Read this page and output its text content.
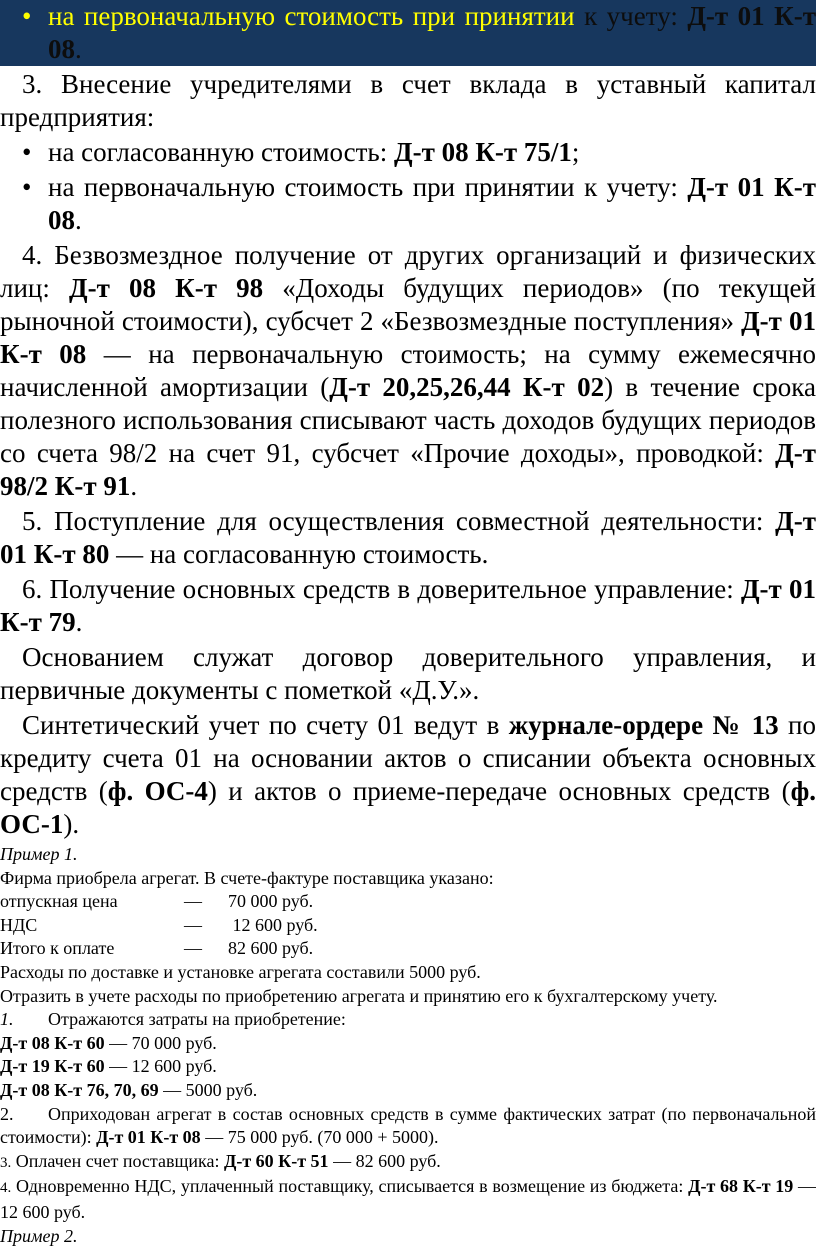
• на первоначальную стоимость при принятии к учету: Д-т 01 К-т 08.

3. Внесение учредителями в счет вклада в уставный капитал предприятия:

• на согласованную стоимость: Д-т 08 К-т 75/1;

• на первоначальную стоимость при принятии к учету: Д-т 01 К-т 08.

4. Безвозмездное получение от других организаций и физических лиц: Д-т 08 К-т 98 «Доходы будущих периодов» (по текущей рыночной стоимости), субсчет 2 «Безвозмездные поступления» Д-т 01 К-т 08 — на первоначальную стоимость; на сумму ежемесячно начисленной амортизации (Д-т 20,25,26,44 К-т 02) в течение срока полезного использования списывают часть доходов будущих периодов со счета 98/2 на счет 91, субсчет «Прочие доходы», проводкой: Д-т 98/2 К-т 91.

5. Поступление для осуществления совместной деятельности: Д-т 01 К-т 80 — на согласованную стоимость.

6. Получение основных средств в доверительное управление: Д-т 01 К-т 79.

Основанием служат договор доверительного управления, и первичные документы с пометкой «Д.У.».

Синтетический учет по счету 01 ведут в журнале-ордере № 13 по кредиту счета 01 на основании актов о списании объекта основных средств (ф. ОС-4) и актов о приеме-передаче основных средств (ф. ОС-1).

Пример 1.

Фирма приобрела агрегат. В счете-фактуре поставщика указано:

отпускная цена	— 70 000 руб.

НДС	— 12 600 руб.

Итого к оплате	— 82 600 руб.

Расходы по доставке и установке агрегата составили 5000 руб.

Отразить в учете расходы по приобретению агрегата и принятию его к бухгалтерскому учету.

1. Отражаются затраты на приобретение:

Д-т 08 К-т 60 — 70 000 руб.

Д-т 19 К-т 60 — 12 600 руб.

Д-т 08 К-т 76, 70, 69 — 5000 руб.

2. Оприходован агрегат в состав основных средств в сумме фактических затрат (по первоначальной стоимости): Д-т 01 К-т 08 — 75 000 руб. (70 000 + 5000).

3. Оплачен счет поставщика: Д-т 60 К-т 51 — 82 600 руб.

4. Одновременно НДС, уплаченный поставщику, списывается в возмещение из бюджета: Д-т 68 К-т 19 — 12 600 руб.

Пример 2.
